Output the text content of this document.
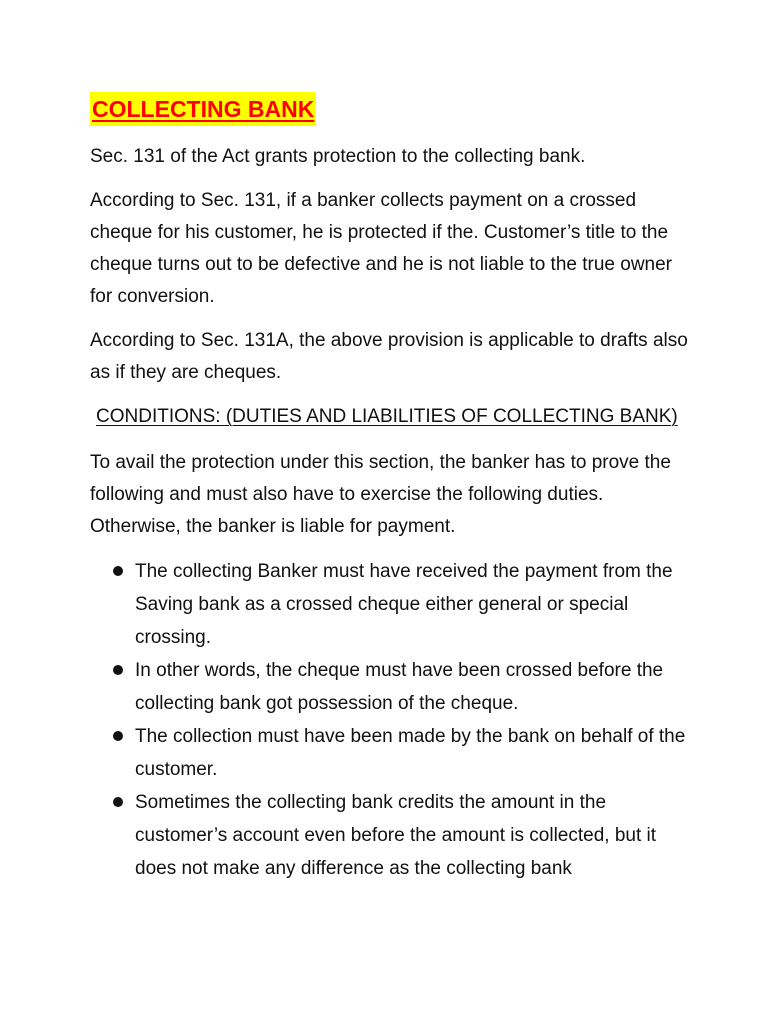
COLLECTING BANK

Sec. 131 of the Act grants protection to the collecting bank.

According to Sec. 131, if a banker collects payment on a crossed cheque for his customer, he is protected if the. Customer’s title to the cheque turns out to be defective and he is not liable to the true owner for conversion.

According to Sec. 131A, the above provision is applicable to drafts also as if they are cheques.

CONDITIONS: (DUTIES AND LIABILITIES OF COLLECTING BANK)

To avail the protection under this section, the banker has to prove the following and must also have to exercise the following duties. Otherwise, the banker is liable for payment.

The collecting Banker must have received the payment from the Saving bank as a crossed cheque either general or special crossing.
In other words, the cheque must have been crossed before the collecting bank got possession of the cheque.
The collection must have been made by the bank on behalf of the customer.
Sometimes the collecting bank credits the amount in the customer’s account even before the amount is collected, but it does not make any difference as the collecting bank
